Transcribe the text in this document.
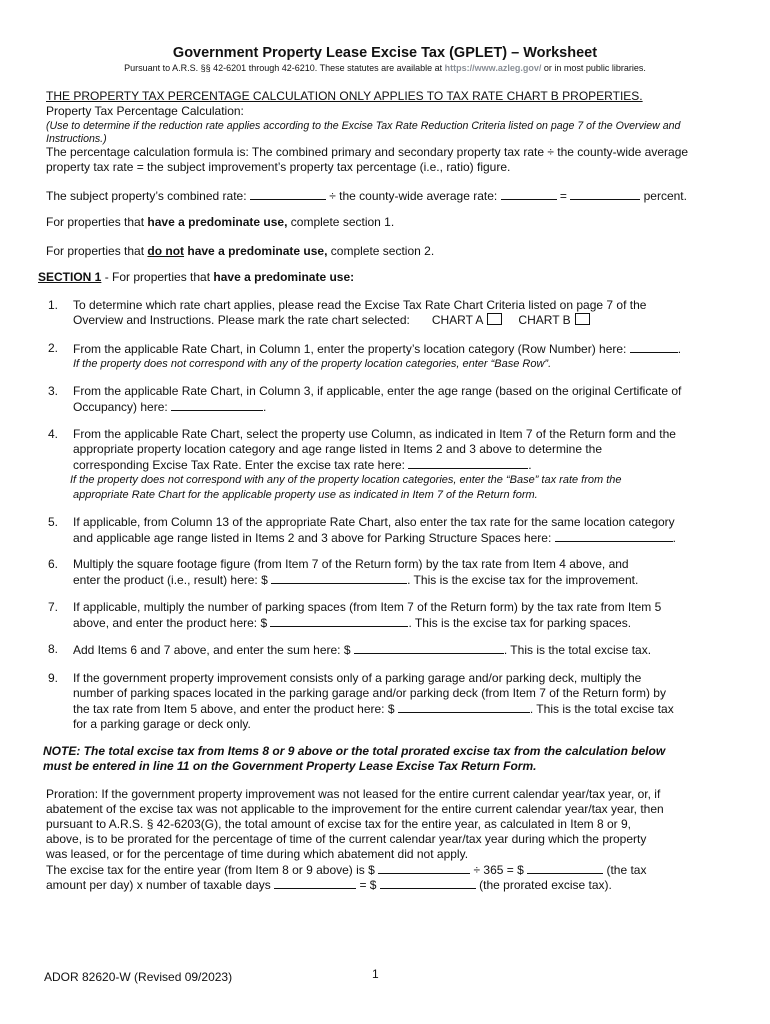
Government Property Lease Excise Tax (GPLET) – Worksheet
Pursuant to A.R.S. §§ 42-6201 through 42-6210. These statutes are available at https://www.azleg.gov/ or in most public libraries.
THE PROPERTY TAX PERCENTAGE CALCULATION ONLY APPLIES TO TAX RATE CHART B PROPERTIES.
Property Tax Percentage Calculation:
(Use to determine if the reduction rate applies according to the Excise Tax Rate Reduction Criteria listed on page 7 of the Overview and Instructions.)
The percentage calculation formula is: The combined primary and secondary property tax rate ÷ the county-wide average
property tax rate = the subject improvement’s property tax percentage (i.e., ratio) figure.
The subject property’s combined rate:	÷ the county-wide average rate:	=	percent.
For properties that have a predominate use, complete section 1.
For properties that do not have a predominate use, complete section 2.
SECTION 1 - For properties that have a predominate use:
1.	To determine which rate chart applies, please read the Excise Tax Rate Chart Criteria listed on page 7 of the
Overview and Instructions. Please mark the rate chart selected: CHART A	CHART B
2.	From the applicable Rate Chart, in Column 1, enter the property’s location category (Row Number) here:	.
If the property does not correspond with any of the property location categories, enter “Base Row”.
3.	From the applicable Rate Chart, in Column 3, if applicable, enter the age range (based on the original Certificate of
Occupancy) here:	.
4.	From the applicable Rate Chart, select the property use Column, as indicated in Item 7 of the Return form and the
appropriate property location category and age range listed in Items 2 and 3 above to determine the
corresponding Excise Tax Rate. Enter the excise tax rate here:	.
If the property does not correspond with any of the property location categories, enter the “Base” tax rate from the
appropriate Rate Chart for the applicable property use as indicated in Item 7 of the Return form.
5.	If applicable, from Column 13 of the appropriate Rate Chart, also enter the tax rate for the same location category
and applicable age range listed in Items 2 and 3 above for Parking Structure Spaces here:	.
6.	Multiply the square footage figure (from Item 7 of the Return form) by the tax rate from Item 4 above, and
enter the product (i.e., result) here: $	. This is the excise tax for the improvement.
7.	If applicable, multiply the number of parking spaces (from Item 7 of the Return form) by the tax rate from Item 5
above, and enter the product here: $	. This is the excise tax for parking spaces.
8.	Add Items 6 and 7 above, and enter the sum here: $	. This is the total excise tax.
9.	If the government property improvement consists only of a parking garage and/or parking deck, multiply the
number of parking spaces located in the parking garage and/or parking deck (from Item 7 of the Return form) by
the tax rate from Item 5 above, and enter the product here: $	. This is the total excise tax
for a parking garage or deck only.
NOTE: The total excise tax from Items 8 or 9 above or the total prorated excise tax from the calculation below
must be entered in line 11 on the Government Property Lease Excise Tax Return Form.
Proration: If the government property improvement was not leased for the entire current calendar year/tax year, or, if
abatement of the excise tax was not applicable to the improvement for the entire current calendar year/tax year, then
pursuant to A.R.S. § 42-6203(G), the total amount of excise tax for the entire year, as calculated in Item 8 or 9,
above, is to be prorated for the percentage of time of the current calendar year/tax year during which the property
was leased, or for the percentage of time during which abatement did not apply.
The excise tax for the entire year (from Item 8 or 9 above) is $	÷ 365 = $	(the tax
amount per day) x number of taxable days	= $	(the prorated excise tax).
ADOR 82620-W (Revised 09/2023)	1
